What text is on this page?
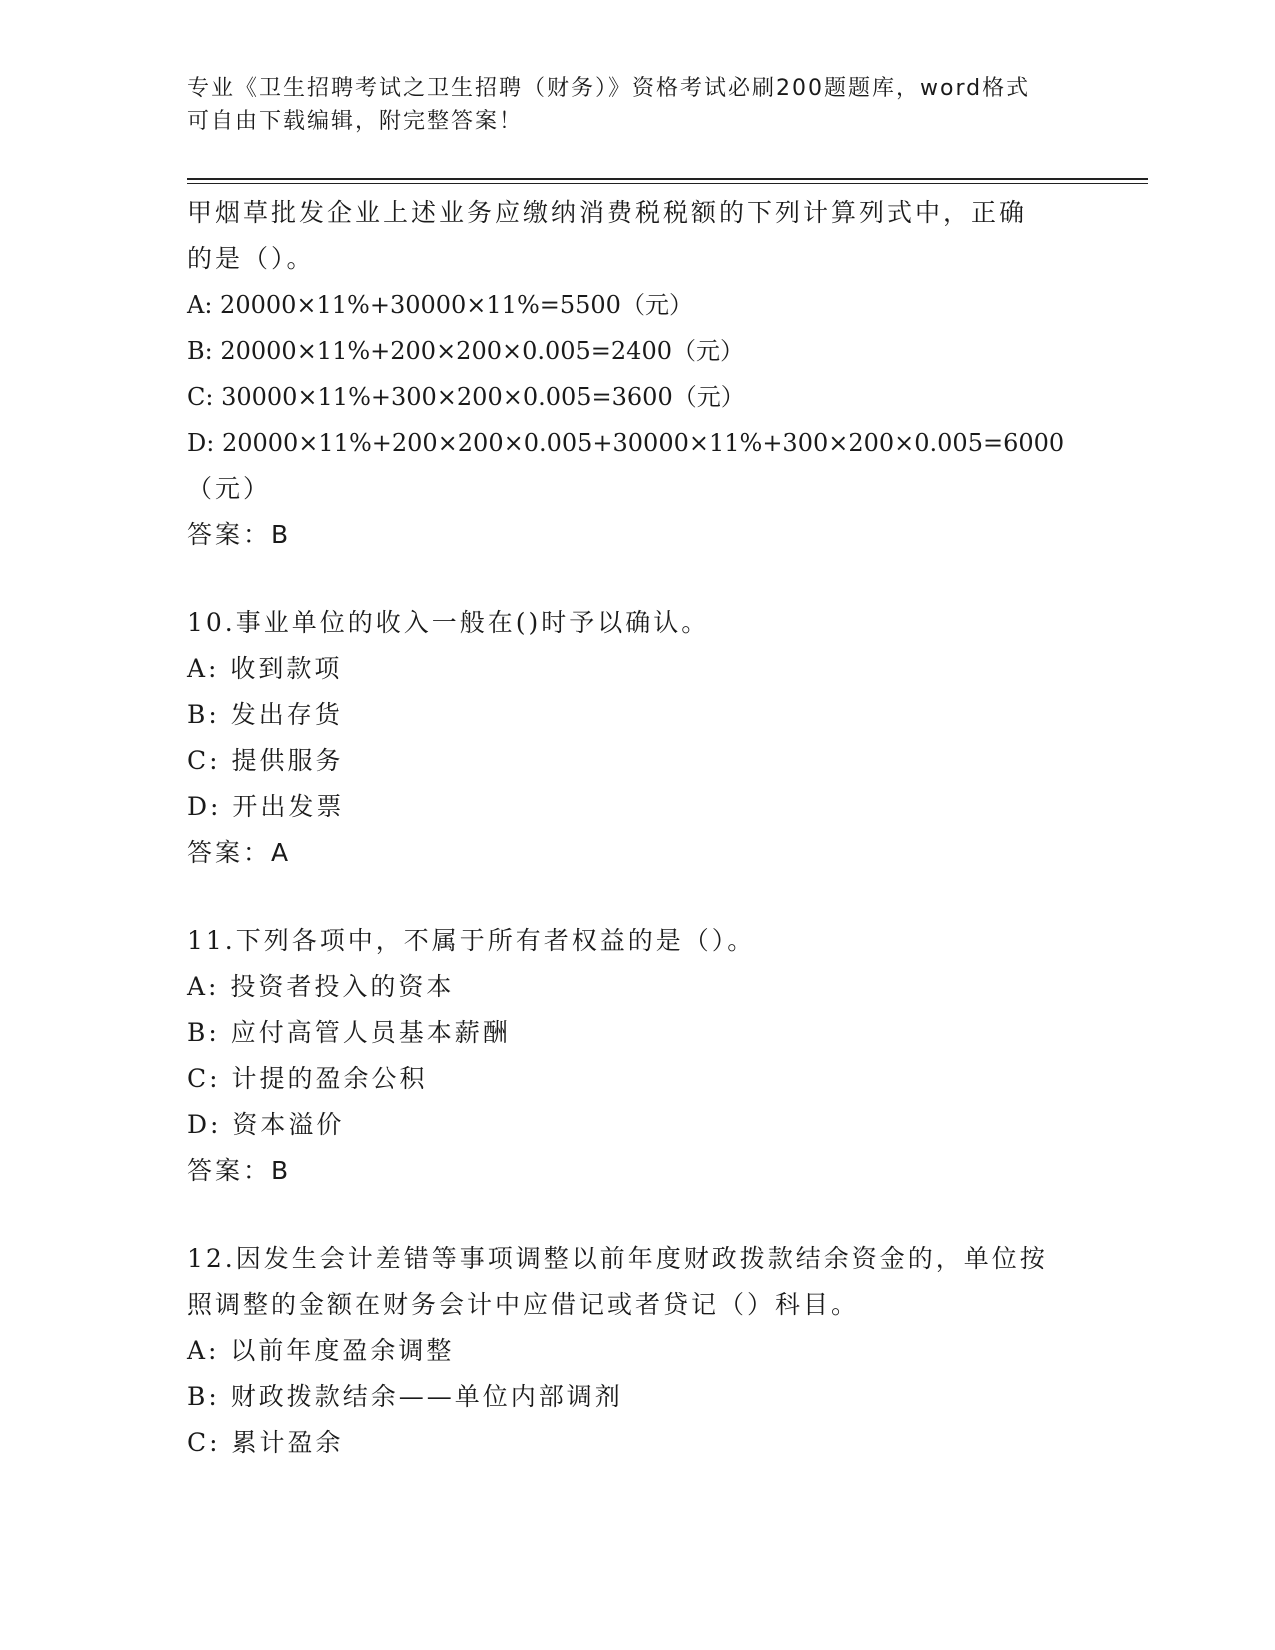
专业《卫生招聘考试之卫生招聘（财务）》资格考试必刷200题题库，word格式
可自由下载编辑，附完整答案！
甲烟草批发企业上述业务应缴纳消费税税额的下列计算列式中，正确
的是（）。
A: 20000×11%+30000×11%=5500（元）
B: 20000×11%+200×200×0.005=2400（元）
C: 30000×11%+300×200×0.005=3600（元）
D: 20000×11%+200×200×0.005+30000×11%+300×200×0.005=6000
（元）
答案：B
10.事业单位的收入一般在()时予以确认。
A: 收到款项
B: 发出存货
C: 提供服务
D: 开出发票
答案：A
11.下列各项中，不属于所有者权益的是（）。
A: 投资者投入的资本
B: 应付高管人员基本薪酬
C: 计提的盈余公积
D: 资本溢价
答案：B
12.因发生会计差错等事项调整以前年度财政拨款结余资金的，单位按
照调整的金额在财务会计中应借记或者贷记（）科目。
A: 以前年度盈余调整
B: 财政拨款结余——单位内部调剂
C: 累计盈余
